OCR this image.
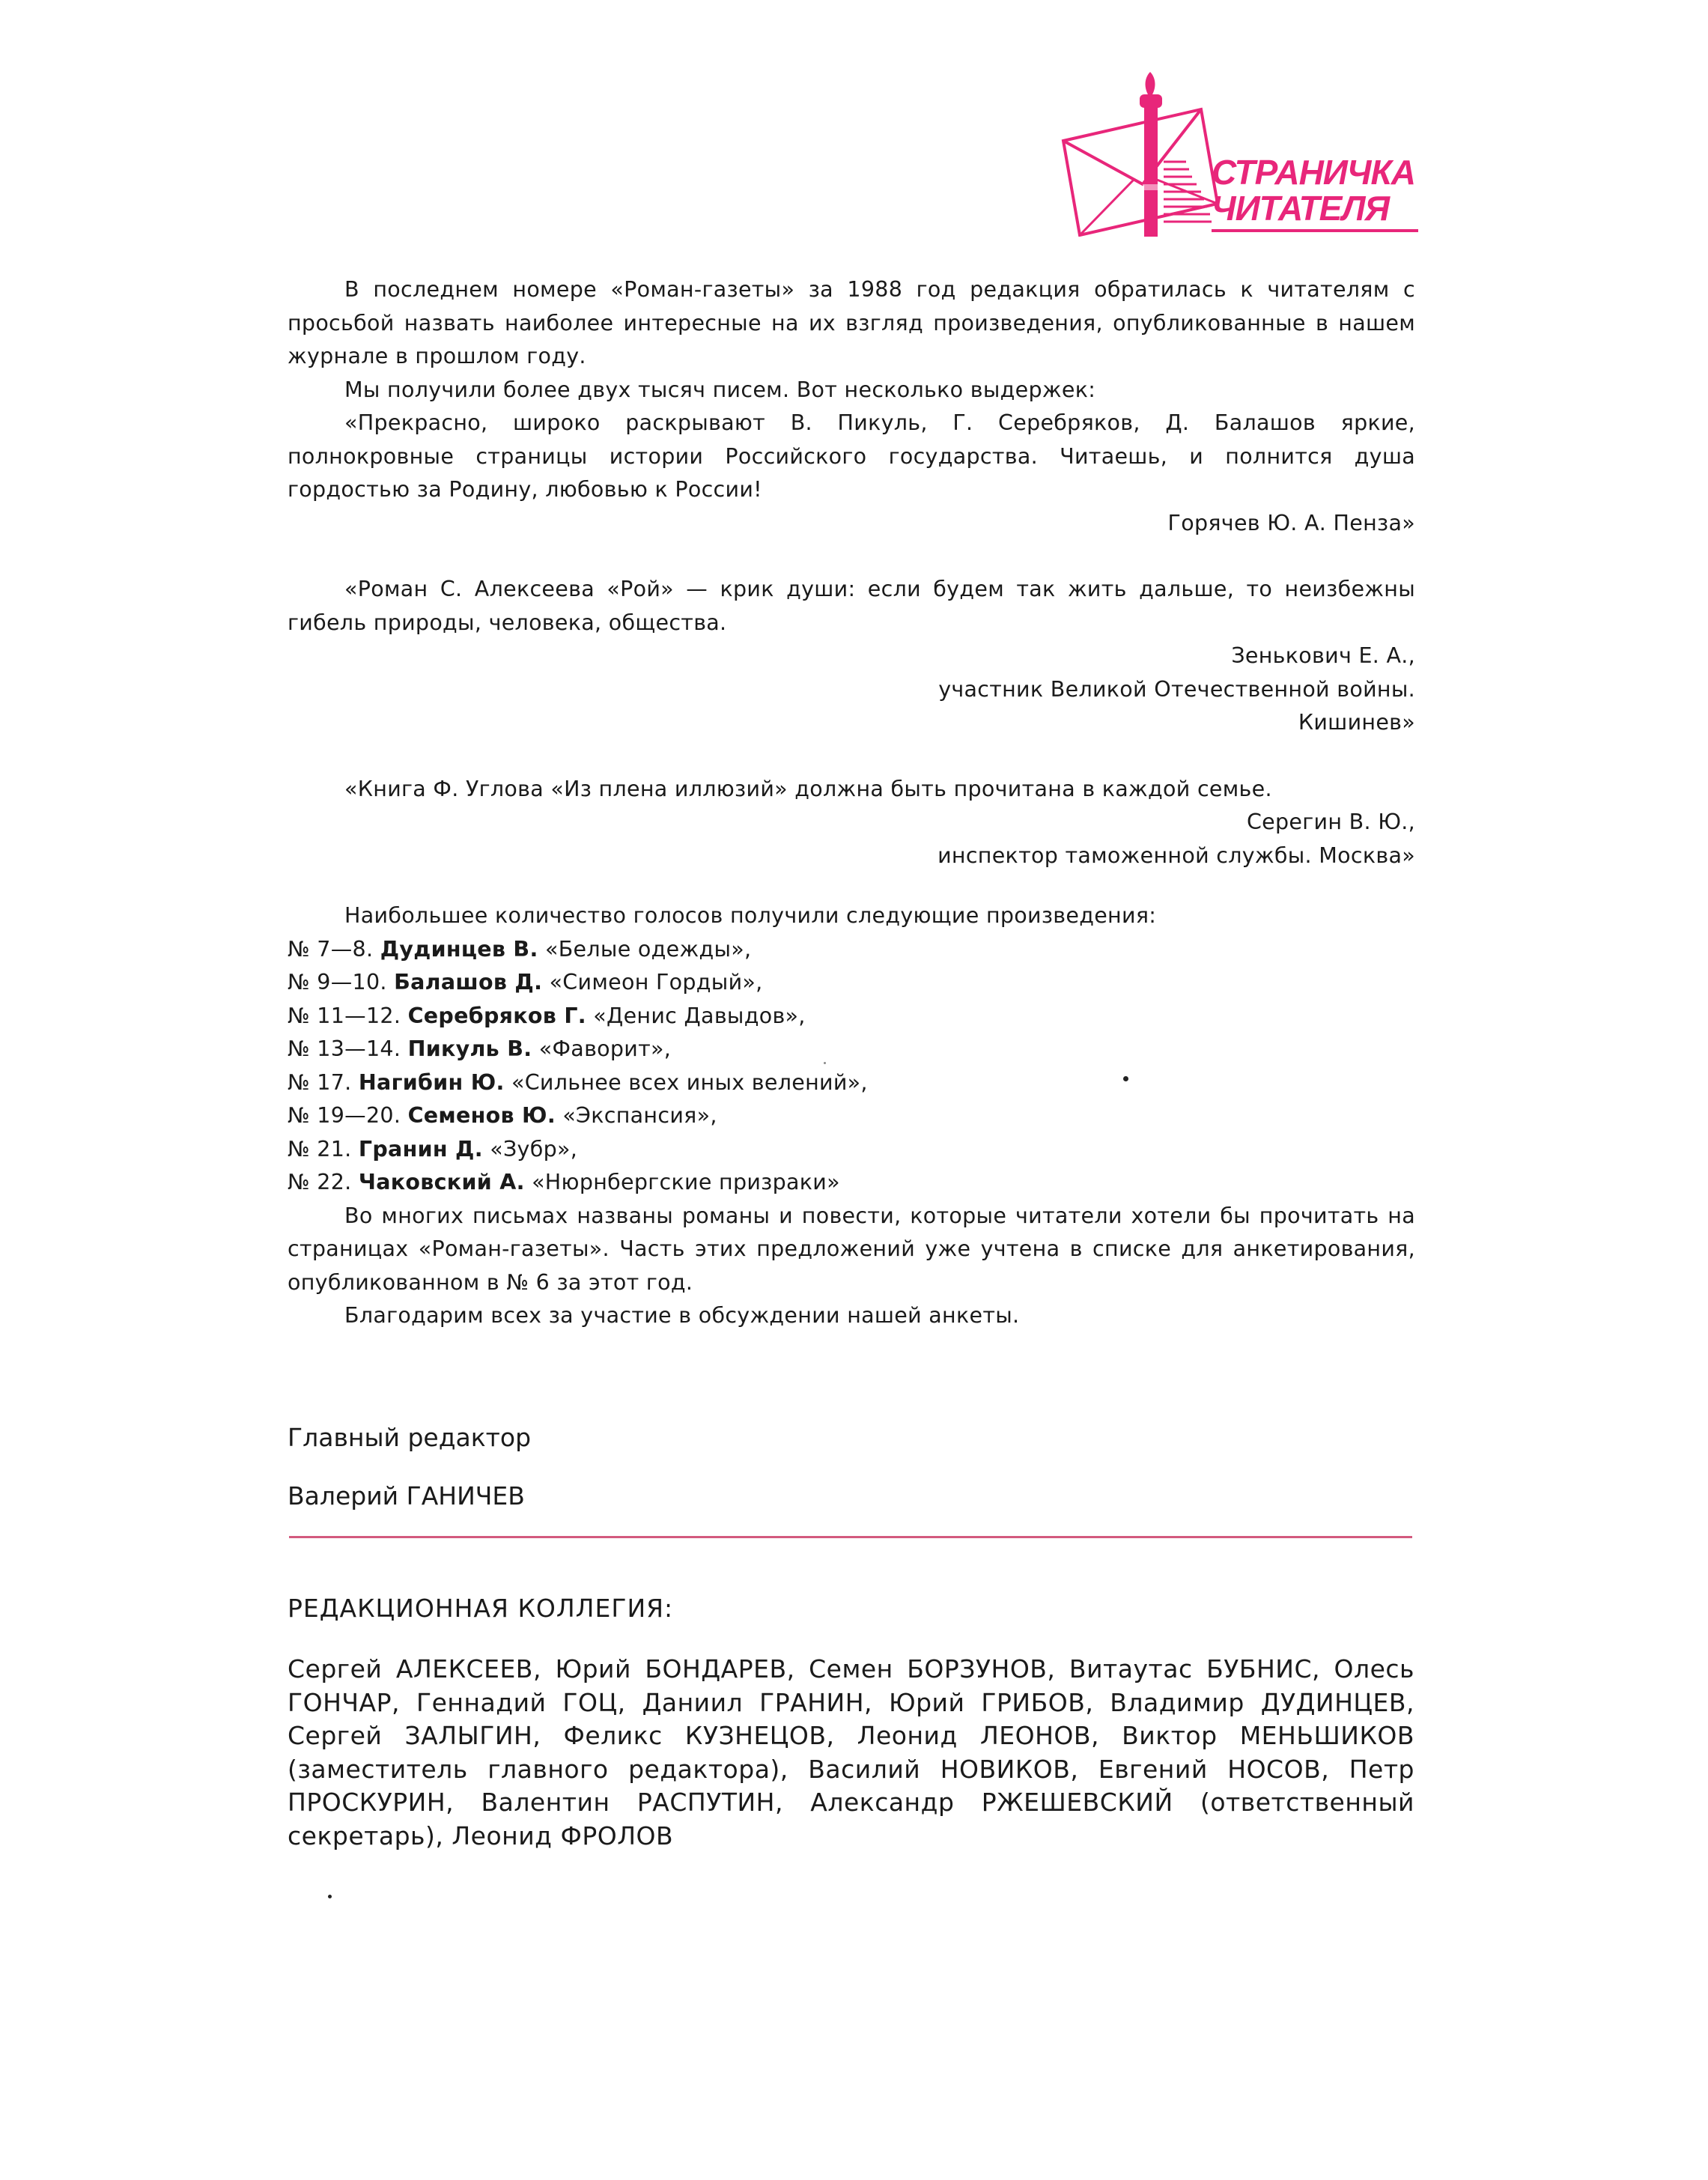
СТРАНИЧКА
ЧИТАТЕЛЯ

В последнем номере «Роман-газеты» за 1988 год редакция обратилась к читателям с просьбой назвать наиболее интересные на их взгляд произведения, опубликованные в нашем журнале в прошлом году.

Мы получили более двух тысяч писем. Вот несколько выдержек:

«Прекрасно, широко раскрывают В. Пикуль, Г. Серебряков, Д. Балашов яркие, полнокровные страницы истории Российского государства. Читаешь, и полнится душа гордостью за Родину, любовью к России!

Горячев Ю. А. Пенза»

«Роман С. Алексеева «Рой» — крик души: если будем так жить дальше, то неизбежны гибель природы, человека, общества.

Зенькович Е. А.,

участник Великой Отечественной войны.

Кишинев»

«Книга Ф. Углова «Из плена иллюзий» должна быть прочитана в каждой семье.

Серегин В. Ю.,

инспектор таможенной службы. Москва»

Наибольшее количество голосов получили следующие произведения:

№ 7—8. Дудинцев В. «Белые одежды»,

№ 9—10. Балашов Д. «Симеон Гордый»,

№ 11—12. Серебряков Г. «Денис Давыдов»,

№ 13—14. Пикуль В. «Фаворит»,

№ 17. Нагибин Ю. «Сильнее всех иных велений»,

№ 19—20. Семенов Ю. «Экспансия»,

№ 21. Гранин Д. «Зубр»,

№ 22. Чаковский А. «Нюрнбергские призраки»

Во многих письмах названы романы и повести, которые читатели хотели бы прочитать на страницах «Роман-газеты». Часть этих предложений уже учтена в списке для анкетирования, опубликованном в № 6 за этот год.

Благодарим всех за участие в обсуждении нашей анкеты.

Главный редактор
Валерий ГАНИЧЕВ
РЕДАКЦИОННАЯ КОЛЛЕГИЯ:
Сергей АЛЕКСЕЕВ, Юрий БОНДАРЕВ, Семен БОРЗУНОВ, Витаутас БУБНИС, Олесь ГОНЧАР, Геннадий ГОЦ, Даниил ГРАНИН, Юрий ГРИБОВ, Владимир ДУДИНЦЕВ, Сергей ЗАЛЫГИН, Феликс КУЗНЕЦОВ, Леонид ЛЕОНОВ, Виктор МЕНЬШИКОВ (заместитель главного редактора), Василий НОВИКОВ, Евгений НОСОВ, Петр ПРОСКУРИН, Валентин РАСПУТИН, Александр РЖЕШЕВСКИЙ (ответственный секретарь), Леонид ФРОЛОВ
